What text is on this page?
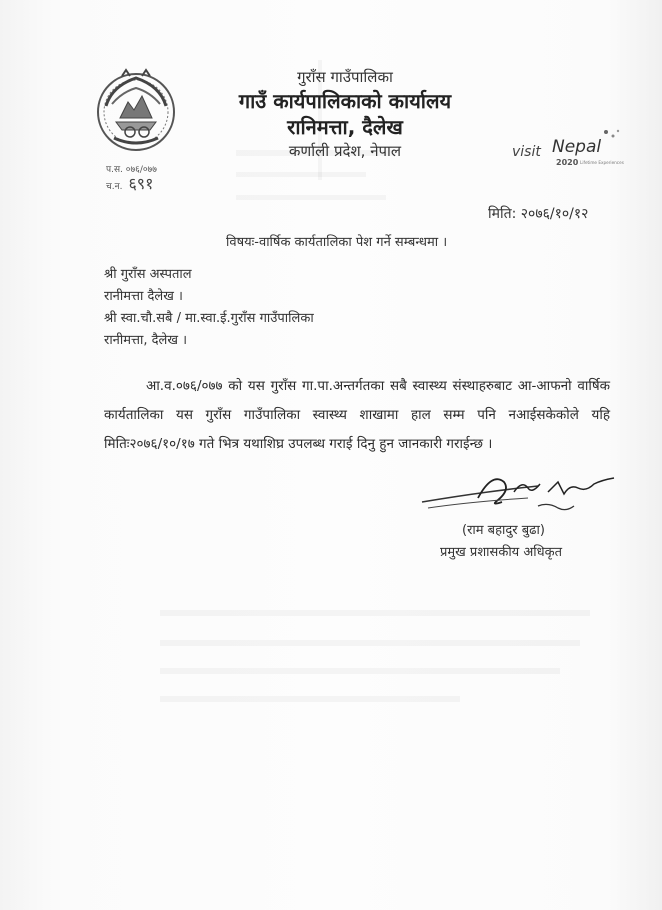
गुराँस गाउँपालिका
गाउँ कार्यपालिकाको कार्यालय
रानिमत्ता, दैलेख
कर्णाली प्रदेश, नेपाल
प.स. ०७६/०७७
च.न. ६९१
visit Nepal
2020 Lifetime Experiences
मिति: २०७६/१०/१२
विषयः-वार्षिक कार्यतालिका पेश गर्ने सम्बन्धमा ।
श्री गुराँस अस्पताल
रानीमत्ता दैलेख ।
श्री स्वा.चौ.सबै / मा.स्वा.ई.गुराँस गाउँपालिका
रानीमत्ता, दैलेख ।
आ.व.०७६/०७७ को यस गुराँस गा.पा.अन्तर्गतका सबै स्वास्थ्य संस्थाहरुबाट आ-आफनो वार्षिक कार्यतालिका यस गुराँस गाउँपालिका स्वास्थ्य शाखामा हाल सम्म पनि नआईसकेकोले यहि मितिः२०७६/१०/१७ गते भित्र यथाशिघ्र उपलब्ध गराई दिनु हुन जानकारी गराईन्छ ।
(राम बहादुर बुढा)
प्रमुख प्रशासकीय अधिकृत
